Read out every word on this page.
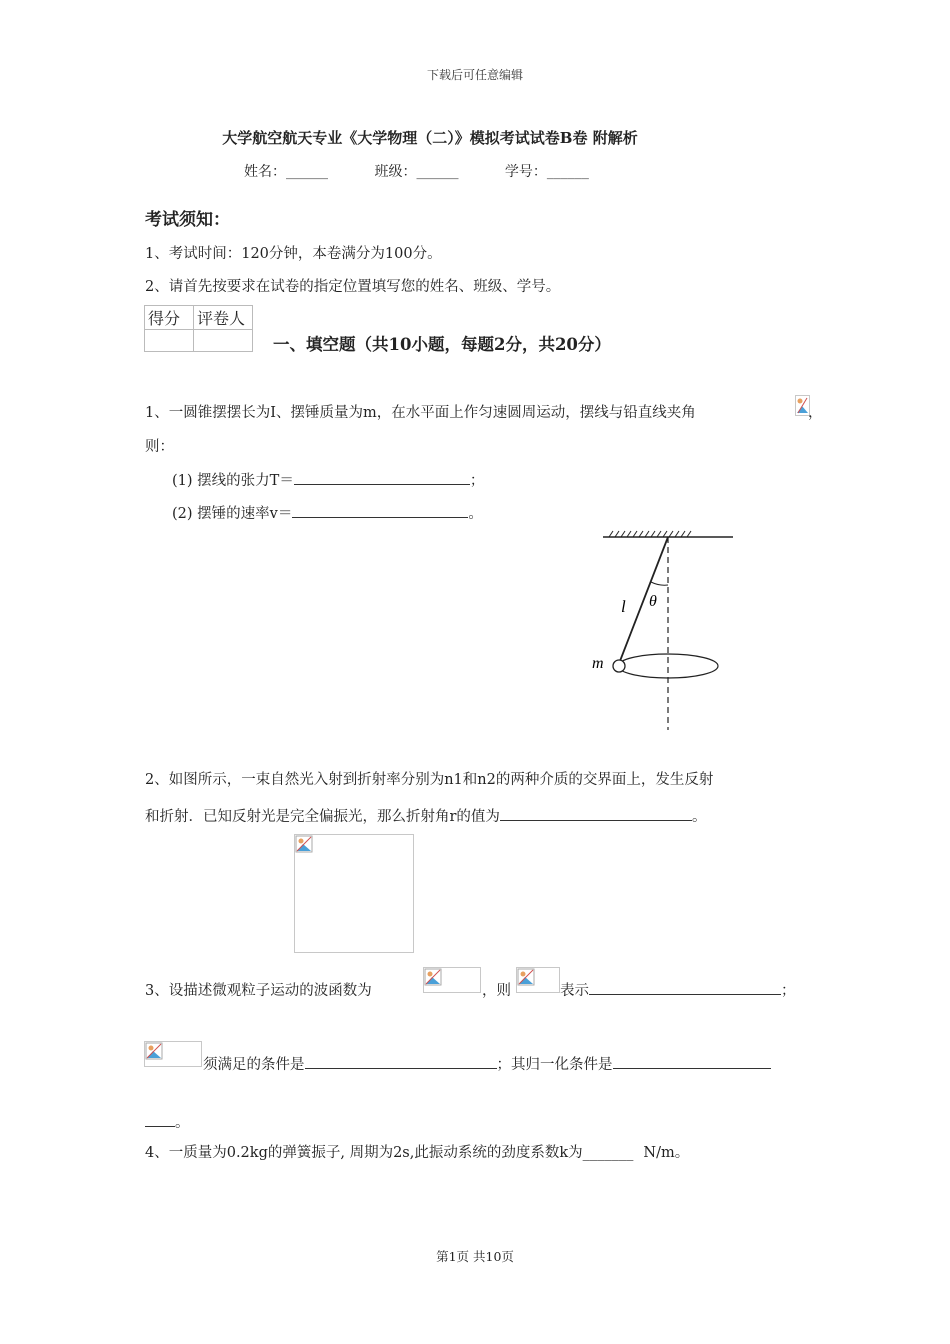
下载后可任意编辑
大学航空航天专业《大学物理（二）》模拟考试试卷B卷 附解析
姓名：______	班级：______	学号：______
考试须知：
1、考试时间：120分钟，本卷满分为100分。
2、请首先按要求在试卷的指定位置填写您的姓名、班级、学号。
得分	评卷人

一、填空题（共10小题，每题2分，共20分）
1、一圆锥摆摆长为I、摆锤质量为m，在水平面上作匀速圆周运动，摆线与铅直线夹角	，
则：
(1) 摆线的张力T＝	；
(2) 摆锤的速率v＝	。
l θ
m
2、如图所示，一束自然光入射到折射率分别为n1和n2的两种介质的交界面上，发生反射
和折射．已知反射光是完全偏振光，那么折射角r的值为	。
3、设描述微观粒子运动的波函数为	，则	表示	；
须满足的条件是	；其归一化条件是
。
4、一质量为0.2kg的弹簧振子, 周期为2s,此振动系统的劲度系数k为_______ N/m。
第1页 共10页
